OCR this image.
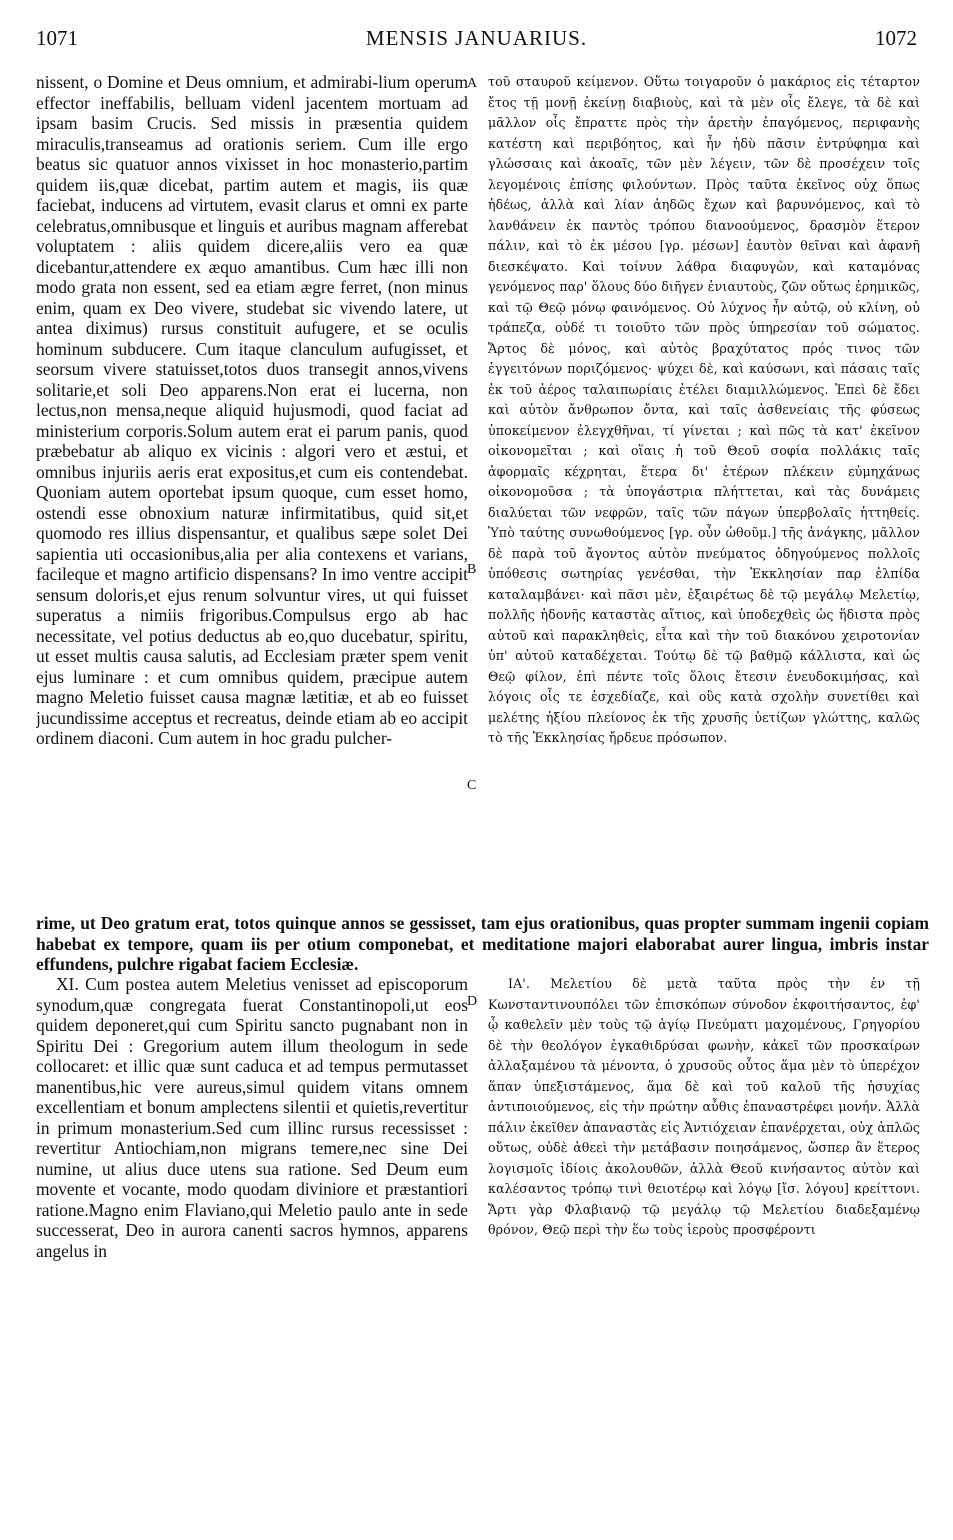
1071	MENSIS JANUARIUS.	1072
A
B
C
D
nissent, o Domine et Deus omnium, et admirabi-lium operum effector ineffabilis, belluam videnl jacentem mortuam ad ipsam basim Crucis. Sed missis in præsentia quidem miraculis,transeamus ad orationis seriem. Cum ille ergo beatus sic quatuor annos vixisset in hoc monasterio,partim quidem iis,quæ dicebat, partim autem et magis, iis quæ faciebat, inducens ad virtutem, evasit clarus et omni ex parte celebratus,omnibusque et linguis et auribus magnam afferebat voluptatem : aliis quidem dicere,aliis vero ea quæ dicebantur,attendere ex æquo amantibus. Cum hæc illi non modo grata non essent, sed ea etiam ægre ferret, (non minus enim, quam ex Deo vivere, studebat sic vivendo latere, ut antea diximus) rursus constituit aufugere, et se oculis hominum subducere. Cum itaque clanculum aufugisset, et seorsum vivere statuisset,totos duos transegit annos,vivens solitarie,et soli Deo apparens.Non erat ei lucerna, non lectus,non mensa,neque aliquid hujusmodi, quod faciat ad ministerium corporis.Solum autem erat ei parum panis, quod præbebatur ab aliquo ex vicinis : algori vero et æstui, et omnibus injuriis aeris erat expositus,et cum eis contendebat. Quoniam autem oportebat ipsum quoque, cum esset homo, ostendi esse obnoxium naturæ infirmitatibus, quid sit,et quomodo res illius dispensantur, et qualibus sæpe solet Dei sapientia uti occasionibus,alia per alia contexens et varians, facileque et magno artificio dispensans? In imo ventre accipit sensum doloris,et ejus renum solvuntur vires, ut qui fuisset superatus a nimiis frigoribus.Compulsus ergo ab hac necessitate, vel potius deductus ab eo,quo ducebatur, spiritu, ut esset multis causa salutis, ad Ecclesiam præter spem venit ejus luminare : et cum omnibus quidem, præcipue autem magno Meletio fuisset causa magnæ lætitiæ, et ab eo fuisset jucundissime acceptus et recreatus, deinde etiam ab eo accipit ordinem diaconi. Cum autem in hoc gradu pulcher-
τοῦ σταυροῦ κείμενον. Οὕτω τοιγαροῦν ὁ μακάριος εἰς τέταρτον ἔτος τῇ μονῇ ἐκείνῃ διαβιοὺς, καὶ τὰ μὲν οἷς ἔλεγε, τὰ δὲ καὶ μᾶλλον οἷς ἔπραττε πρὸς τὴν ἀρετὴν ἐπαγόμενος, περιφανὴς κατέστη καὶ περιβόητος, καὶ ἦν ἡδὺ πᾶσιν ἐντρύφημα καὶ γλώσσαις καὶ ἀκοαῖς, τῶν μὲν λέγειν, τῶν δὲ προσέχειν τοῖς λεγομένοις ἐπίσης φιλούντων. Πρὸς ταῦτα ἐκεῖνος οὐχ ὅπως ἡδέως, ἀλλὰ καὶ λίαν ἀηδῶς ἔχων καὶ βαρυνόμενος, καὶ τὸ λανθάνειν ἐκ παντὸς τρόπου διανοούμενος, δρασμὸν ἕτερον πάλιν, καὶ τὸ ἐκ μέσου [γρ. μέσων] ἑαυτὸν θεῖναι καὶ ἀφανῆ διεσκέψατο. Καὶ τοίνυν λάθρα διαφυγὼν, καὶ καταμόνας γενόμενος παρ' ὅλους δύο διῆγεν ἐνιαυτοὺς, ζῶν οὕτως ἐρημικῶς, καὶ τῷ Θεῷ μόνῳ φαινόμενος. Οὐ λύχνος ἦν αὐτῷ, οὐ κλίνη, οὐ τράπεζα, οὐδέ τι τοιοῦτο τῶν πρὸς ὑπηρεσίαν τοῦ σώματος. Ἄρτος δὲ μόνος, καὶ αὐτὸς βραχύτατος πρός τινος τῶν ἐγγειτόνων ποριζόμενος· ψύχει δὲ, καὶ καύσωνι, καὶ πάσαις ταῖς ἐκ τοῦ ἀέρος ταλαιπωρίαις ἐτέλει διαμιλλώμενος. Ἐπεὶ δὲ ἔδει καὶ αὐτὸν ἄνθρωπον ὄντα, καὶ ταῖς ἀσθενείαις τῆς φύσεως ὑποκείμενον ἐλεγχθῆναι, τί γίνεται ; καὶ πῶς τὰ κατ' ἐκεῖνον οἰκονομεῖται ; καὶ οἵαις ἡ τοῦ Θεοῦ σοφία πολλάκις ταῖς ἀφορμαῖς κέχρηται, ἕτερα δι' ἑτέρων πλέκειν εὐμηχάνως οἰκονομοῦσα ; τὰ ὑπογάστρια πλήττεται, καὶ τὰς δυνάμεις διαλύεται τῶν νεφρῶν, ταῖς τῶν πάγων ὑπερβολαῖς ἡττηθείς. Ὑπὸ ταύτης συνωθούμενος [γρ. οὖν ὠθοῦμ.] τῆς ἀνάγκης, μᾶλλον δὲ παρὰ τοῦ ἄγοντος αὐτὸν πνεύματος ὁδηγούμενος πολλοῖς ὑπόθεσις σωτηρίας γενέσθαι, τὴν Ἐκκλησίαν παρ ἐλπίδα καταλαμβάνει· καὶ πᾶσι μὲν, ἐξαιρέτως δὲ τῷ μεγάλῳ Μελετίῳ, πολλῆς ἡδονῆς καταστὰς αἴτιος, καὶ ὑποδεχθεὶς ὡς ἥδιστα πρὸς αὐτοῦ καὶ παρακληθεὶς, εἶτα καὶ τὴν τοῦ διακόνου χειροτονίαν ὑπ' αὐτοῦ καταδέχεται. Τούτῳ δὲ τῷ βαθμῷ κάλλιστα, καὶ ὡς Θεῷ φίλον, ἐπὶ πέντε τοῖς ὅλοις ἔτεσιν ἐνευδοκιμήσας, καὶ λόγοις οἷς τε ἐσχεδίαζε, καὶ οὓς κατὰ σχολὴν συνετίθει καὶ μελέτης ἠξίου πλείονος ἐκ τῆς χρυσῆς ὑετίζων γλώττης, καλῶς τὸ τῆς Ἐκκλησίας ἤρδευε πρόσωπον.
rime, ut Deo gratum erat, totos quinque annos se gessisset, tam ejus orationibus, quas propter summam ingenii copiam habebat ex tempore, quam iis per otium componebat, et meditatione majori elaborabat aurer lingua, imbris instar effundens, pulchre rigabat faciem Ecclesiæ.
XI. Cum postea autem Meletius venisset ad episcoporum synodum,quæ congregata fuerat Constantinopoli,ut eos quidem deponeret,qui cum Spiritu sancto pugnabant non in Spiritu Dei : Gregorium autem illum theologum in sede collocaret: et illic quæ sunt caduca et ad tempus permutasset manentibus,hic vere aureus,simul quidem vitans omnem excellentiam et bonum amplectens silentii et quietis,revertitur in primum monasterium.Sed cum illinc rursus recessisset : revertitur Antiochiam,non migrans temere,nec sine Dei numine, ut alius duce utens sua ratione. Sed Deum eum movente et vocante, modo quodam diviniore et præstantiori ratione.Magno enim Flaviano,qui Meletio paulo ante in sede successerat, Deo in aurora canenti sacros hymnos, apparens angelus in
ΙΑ'. Μελετίου δὲ μετὰ ταῦτα πρὸς τὴν ἐν τῇ Κωνσταντινουπόλει τῶν ἐπισκόπων σύνοδον ἐκφοιτήσαντος, ἐφ' ᾧ καθελεῖν μὲν τοὺς τῷ ἁγίῳ Πνεύματι μαχομένους, Γρηγορίου δὲ τὴν θεολόγον ἐγκαθιδρύσαι φωνὴν, κἀκεῖ τῶν προσκαίρων ἀλλαξαμένου τὰ μένοντα, ὁ χρυσοῦς οὗτος ἅμα μὲν τὸ ὑπερέχον ἅπαν ὑπεξιστάμενος, ἅμα δὲ καὶ τοῦ καλοῦ τῆς ἡσυχίας ἀντιποιούμενος, εἰς τὴν πρώτην αὖθις ἐπαναστρέφει μονήν. Ἀλλὰ πάλιν ἐκεῖθεν ἀπαναστὰς εἰς Ἀντιόχειαν ἐπανέρχεται, οὐχ ἁπλῶς οὕτως, οὐδὲ ἀθεεὶ τὴν μετάβασιν ποιησάμενος, ὥσπερ ἂν ἕτερος λογισμοῖς ἰδίοις ἀκολουθῶν, ἀλλὰ Θεοῦ κινήσαντος αὐτὸν καὶ καλέσαντος τρόπῳ τινὶ θειοτέρῳ καὶ λόγῳ [ἴσ. λόγου] κρείττονι. Ἄρτι γὰρ Φλαβιανῷ τῷ μεγάλῳ τῷ Μελετίου διαδεξαμένῳ θρόνον, Θεῷ περὶ τὴν ἕω τοὺς ἱεροὺς προσφέροντι
